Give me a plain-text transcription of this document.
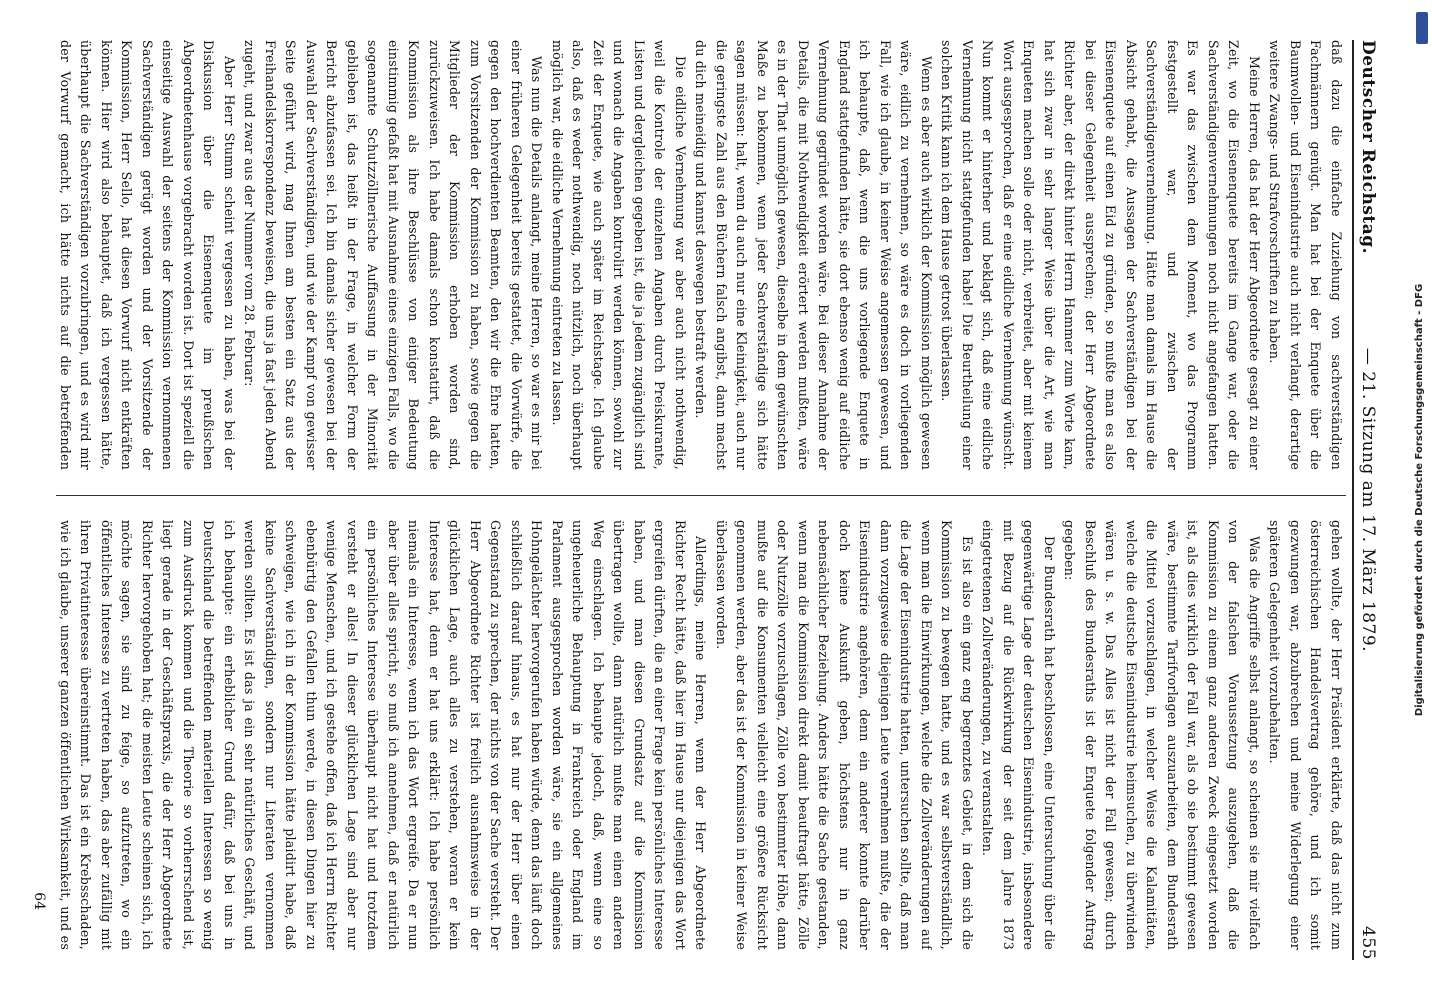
Deutscher Reichstag.
— 21. Sitzung am 17. März 1879.
455

daß dazu die einfache Zuziehung von sachverständigen Fachmännern genügt. Man hat bei der Enquete über die Baumwollen- und Eisenindustrie auch nicht verlangt, derartige weitere Zwangs- und Strafvorschriften zu haben.

Meine Herren, das hat der Herr Abgeordnete gesagt zu einer Zeit, wo die Eisenenquete bereits im Gange war, oder die Sachverständigenvernehmungen noch nicht angefangen hatten. Es war das zwischen dem Moment, wo das Programm festgestellt war, und zwischen der Sachverständigenvernehmung. Hätte man damals im Hause die Absicht gehabt, die Aussagen der Sachverständigen bei der Eisenenquete auf einen Eid zu gründen, so mußte man es also bei dieser Gelegenheit aussprechen; der Herr Abgeordnete Richter aber, der direkt hinter Herrn Hammer zum Worte kam, hat sich zwar in sehr langer Weise über die Art, wie man Enqueten machen solle oder nicht, verbreitet, aber mit keinem Wort ausgesprochen, daß er eine eidliche Vernehmung wünscht. Nun kommt er hinterher und beklagt sich, daß eine eidliche Vernehmung nicht stattgefunden habe! Die Beurtheilung einer solchen Kritik kann ich dem Hause getrost überlassen.

Wenn es aber auch wirklich der Kommission möglich gewesen wäre, eidlich zu vernehmen, so wäre es doch in vorliegenden Fall, wie ich glaube, in keiner Weise angemessen gewesen, und ich behaupte, daß, wenn die uns vorliegende Enquete in England stattgefunden hätte, sie dort ebenso wenig auf eidliche Vernehmung gegründet worden wäre. Bei dieser Annahme der Details, die mit Nothwendigkeit erörtert werden mußten, wäre es in der That unmöglich gewesen, dieselbe in dem gewünschten Maße zu bekommen, wenn jeder Sachverständige sich hätte sagen müssen: halt, wenn du auch nur eine Kleinigkeit, auch nur die geringste Zahl aus den Büchern falsch angibst, dann machst du dich meineidig und kannst deswegen bestraft werden.

Die eidliche Vernehmung war aber auch nicht nothwendig, weil die Kontrole der einzelnen Angaben durch Preiskurante, Listen und dergleichen gegeben ist, die ja jedem zugänglich sind und wonach die Angaben kontrolirt werden können, sowohl zur Zeit der Enquete, wie auch später im Reichstage. Ich glaube also, daß es weder nothwendig, noch nützlich, noch überhaupt möglich war, die eidliche Vernehmung eintreten zu lassen.

Was nun die Details anlangt, meine Herren, so war es mir bei einer früheren Gelegenheit bereits gestattet, die Vorwürfe, die gegen den hochverdienten Beamten, den wir die Ehre hatten, zum Vorsitzenden der Kommission zu haben, sowie gegen die Mitglieder der Kommission erhoben worden sind, zurückzuweisen. Ich habe damals schon konstatirt, daß die Kommission als ihre Beschlüsse von einiger Bedeutung einstimmig gefaßt hat mit Ausnahme eines einzigen Falls, wo die sogenannte Schutzzöllnerische Auffassung in der Minorität geblieben ist, das heißt in der Frage, in welcher Form der Bericht abzufassen sei. Ich bin damals sicher gewesen bei der Auswahl der Sachverständigen, und wie der Kampf von gewisser Seite geführt wird, mag Ihnen am besten ein Satz aus der Freihandelskorrespondenz beweisen, die uns ja fast jeden Abend zugeht, und zwar aus der Nummer vom 28. Februar:

Aber Herr Stumm scheint vergessen zu haben, was bei der Diskussion über die Eisenenquete im preußischen Abgeordnetenhause vorgebracht worden ist. Dort ist speziell die einseitige Auswahl der seitens der Kommission vernommenen Sachverständigen gerügt worden und der Vorsitzende der Kommission, Herr Sello, hat diesen Vorwurf nicht entkräften können. Hier wird also behauptet, daß ich vergessen hätte, überhaupt die Sachverständigen vorzubringen, und es wird mir der Vorwurf gemacht, ich hätte nichts auf die betreffenden

gehen wollte, der Herr Präsident erklärte, daß das nicht zum österreichischen Handelsvertrag gehöre, und ich somit gezwungen war, abzubrechen und meine Widerlegung einer späteren Gelegenheit vorzubehalten.

Was die Angriffe selbst anlangt, so scheinen sie mir vielfach von der falschen Voraussetzung auszugehen, daß die Kommission zu einem ganz anderen Zweck eingesetzt worden ist, als dies wirklich der Fall war, als ob sie bestimmt gewesen wäre, bestimmte Tarifvorlagen auszuarbeiten, dem Bundesrath die Mittel vorzuschlagen, in welcher Weise die Kalamitäten, welche die deutsche Eisenindustrie heimsuchen, zu überwinden wären u. s. w. Das Alles ist nicht der Fall gewesen; durch Beschluß des Bundesraths ist der Enquete folgender Auftrag gegeben:

Der Bundesrath hat beschlossen, eine Untersuchung über die gegenwärtige Lage der deutschen Eisenindustrie, insbesondere mit Bezug auf die Rückwirkung der seit dem Jahre 1873 eingetretenen Zollveränderungen, zu veranstalten.

Es ist also ein ganz eng begrenztes Gebiet, in dem sich die Kommission zu bewegen hatte, und es war selbstverständlich, wenn man die Einwirkungen, welche die Zollveränderungen auf die Lage der Eisenindustrie hatten, untersuchen sollte, daß man dann vorzugsweise diejenigen Leute vernehmen mußte, die der Eisenindustrie angehören, denn ein anderer konnte darüber doch keine Auskunft geben, höchstens nur in ganz nebensächlicher Beziehung. Anders hätte die Sache gestanden, wenn man die Kommission direkt damit beauftragt hätte, Zölle oder Nutzzölle vorzuschlagen, Zölle von bestimmter Höhe, dann mußte auf die Konsumenten vielleicht eine größere Rücksicht genommen werden, aber das ist der Kommission in keiner Weise überlassen worden.

Allerdings, meine Herren, wenn der Herr Abgeordnete Richter Recht hätte, daß hier im Hause nur diejenigen das Wort ergreifen dürften, die an einer Frage kein persönliches Interesse haben, und man diesen Grundsatz auf die Kommission übertragen wollte, dann natürlich mußte man einen anderen Weg einschlagen. Ich behaupte jedoch, daß, wenn eine so ungeheuerliche Behauptung in Frankreich oder England im Parlament ausgesprochen worden wäre, sie ein allgemeines Hohngelächter hervorgerufen haben würde, denn das läuft doch schließlich darauf hinaus, es hat nur der Herr über einen Gegenstand zu sprechen, der nichts von der Sache versteht. Der Herr Abgeordnete Richter ist freilich ausnahmsweise in der glücklichen Lage, auch alles zu verstehen, woran er kein Interesse hat, denn er hat uns erklärt: Ich habe persönlich niemals ein Interesse, wenn ich das Wort ergreife. Da er nun aber über alles spricht, so muß ich annehmen, daß er natürlich ein persönliches Interesse überhaupt nicht hat und trotzdem versteht er alles! In dieser glücklichen Lage sind aber nur wenige Menschen, und ich gestehe offen, daß ich Herrn Richter ebenbürtig den Gefallen thun werde, in diesen Dingen hier zu schweigen, wie ich in der Kommission hätte plaidirt habe, daß keine Sachverständigen, sondern nur Literaten vernommen werden sollten. Es ist das ja ein sehr natürliches Geschäft, und ich behaupte: ein erheblicher Grund dafür, daß bei uns in Deutschland die betreffenden materiellen Interessen so wenig zum Ausdruck kommen und die Theorie so vorherrschend ist, liegt gerade in der Geschäftspraxis, die der Herr Abgeordnete Richter hervorgehoben hat; die meisten Leute scheinen sich, ich möchte sagen, sie sind zu feige, so aufzutreten, wo ein öffentliches Interesse zu vertreten haben, das aber zufällig mit ihren Privatinteresse übereinstimmt. Das ist ein Krebsschaden, wie ich glaube, unserer ganzen öffentlichen Wirksamkeit, und es

64
Digitalisierung gefördert durch die Deutsche Forschungsgemeinschaft - DFG
